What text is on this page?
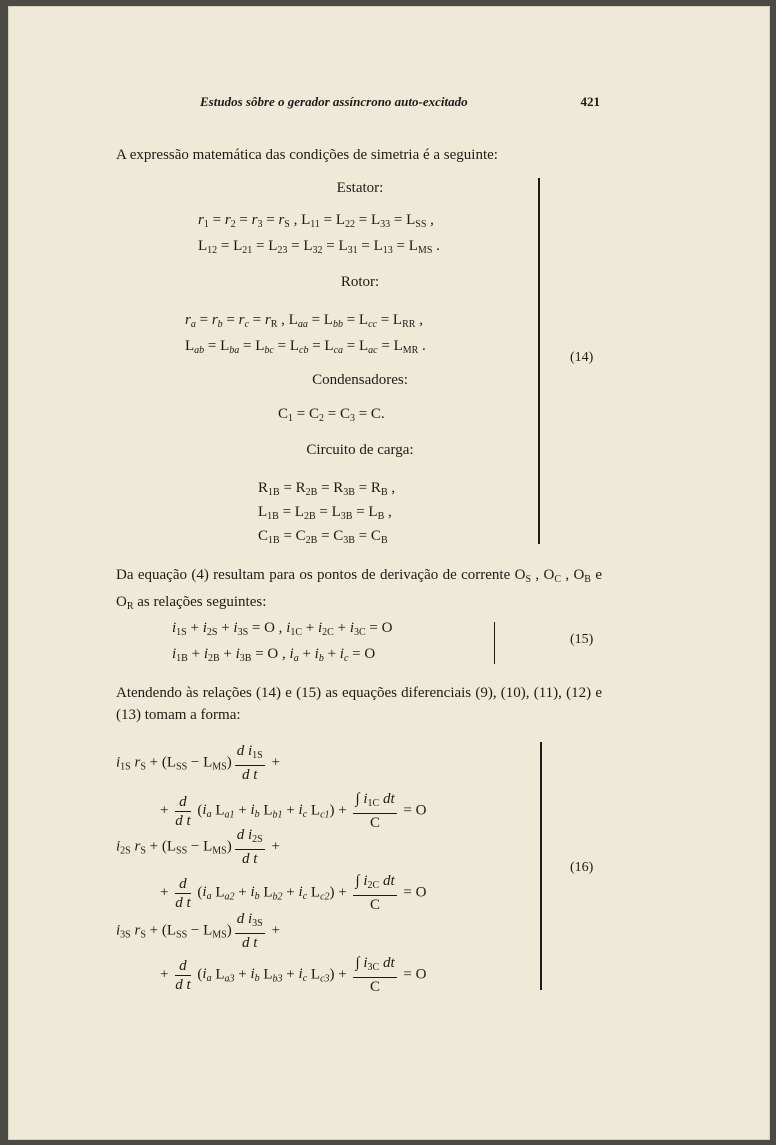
Estudos sôbre o gerador assíncrono auto-excitado	421
A expressão matemática das condições de simetria é a seguinte:
Estator:
$r_1 = r_2 = r_3 = r_S$ , $L_{11} = L_{22} = L_{33} = L_{SS}$ ,
$L_{12} = L_{21} = L_{23} = L_{32} = L_{31} = L_{13} = L_{MS}$ .
Rotor:
$r_a = r_b = r_c = r_R$ , $L_{aa} = L_{bb} = L_{cc} = L_{RR}$ ,
$L_{ab} = L_{ba} = L_{bc} = L_{cb} = L_{ca} = L_{ac} = L_{MR}$ .
Condensadores:
$C_1 = C_2 = C_3 = C$.
Circuito de carga:
$R_{1B} = R_{2B} = R_{3B} = R_B$ ,
$L_{1B} = L_{2B} = L_{3B} = L_B$ ,
$C_{1B} = C_{2B} = C_{3B} = C_B$
(14)
Da equação (4) resultam para os pontos de derivação de corrente $O_S$ , $O_C$ , $O_B$ e $O_R$ as relações seguintes:
$i_{1S} + i_{2S} + i_{3S} = O$ , $i_{1C} + i_{2C} + i_{3C} = O$
$i_{1B} + i_{2B} + i_{3B} = O$ , $i_a + i_b + i_c = O$
(15)
Atendendo às relações (14) e (15) as equações diferenciais (9), (10), (11), (12) e (13) tomam a forma:
$i_{1S}$ $r_S + (L_{SS} - L_{MS}) \frac{d i_{1S}}{\text{d t}}$ +
+ $\frac{d}{\text{d t}} (i_a$ $L_{a1} + i_b$ $L_{b1} + i_c$ $L_{c1}) + \frac{\int i_{1C} dt}{C} = O$
$i_{2S}$ $r_S + (L_{SS} - L_{MS}) \frac{d i_{2S}}{\text{d t}}$ +
+ $\frac{d}{\text{d t}} (i_a$ $L_{a2} + i_b$ $L_{b2} + i_c$ $L_{c2}) + \frac{\int i_{2C} dt}{C} = O$
$i_{3S}$ $r_S + (L_{SS} - L_{MS}) \frac{d i_{3S}}{\text{d t}}$ +
+ $\frac{d}{\text{d t}} (i_a$ $L_{a3} + i_b$ $L_{b3} + i_c$ $L_{c3}) + \frac{\int i_{3C} dt}{C} = O$
(16)
